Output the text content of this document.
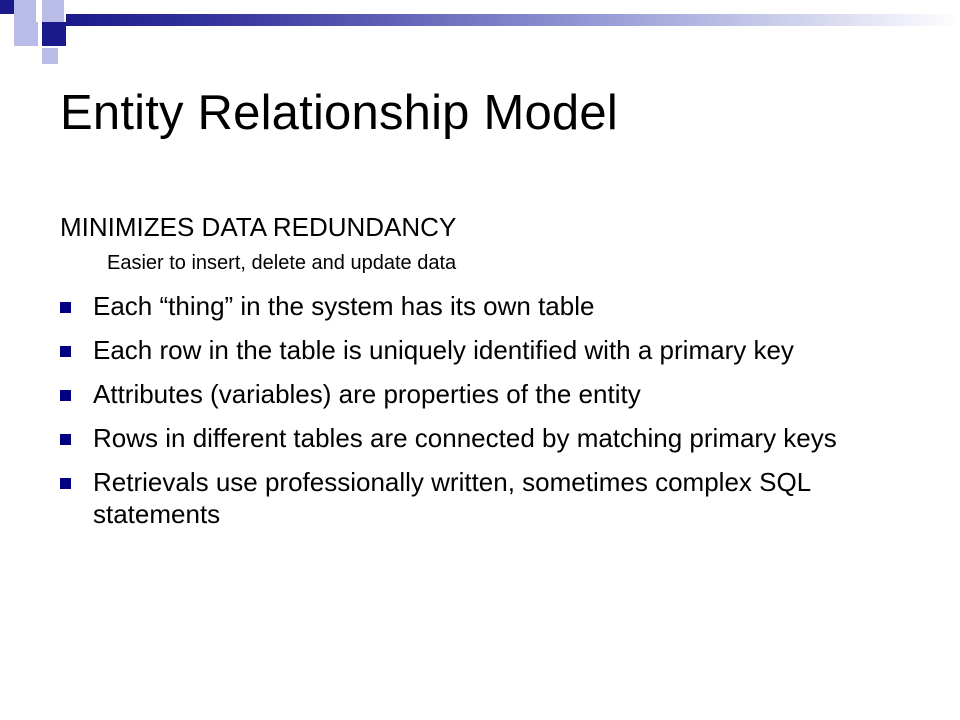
Entity Relationship Model
MINIMIZES DATA REDUNDANCY
Easier to insert, delete and update data
Each “thing” in the system has its own table
Each row in the table is uniquely identified with a primary key
Attributes (variables) are properties of the entity
Rows in different tables are connected by matching primary keys
Retrievals use professionally written, sometimes complex SQL statements
